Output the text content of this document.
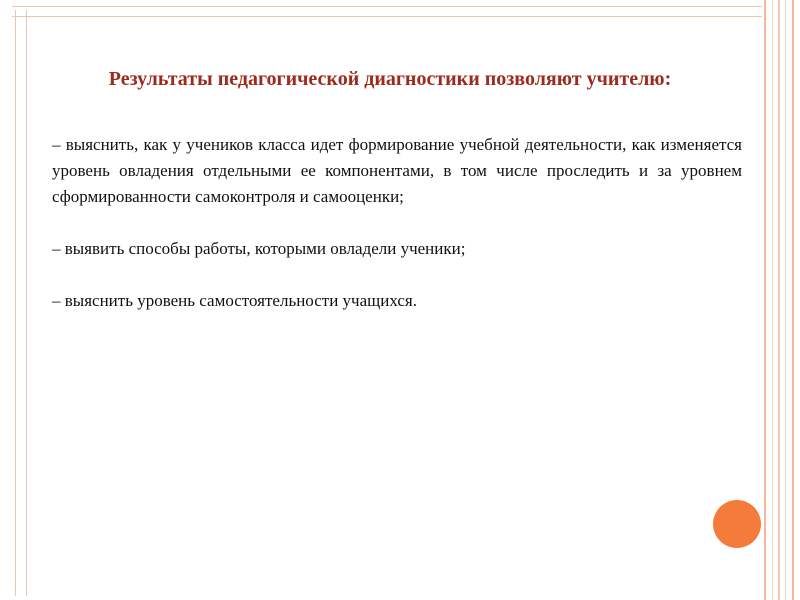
Результаты педагогической диагностики позволяют учителю:

– выяснить, как у учеников класса идет формирование учебной деятельности, как изменяется уровень овладения отдельными ее компонентами, в том числе проследить и за уровнем сформированности самоконтроля и самооценки;

– выявить способы работы, которыми овладели ученики;

– выяснить уровень самостоятельности учащихся.
